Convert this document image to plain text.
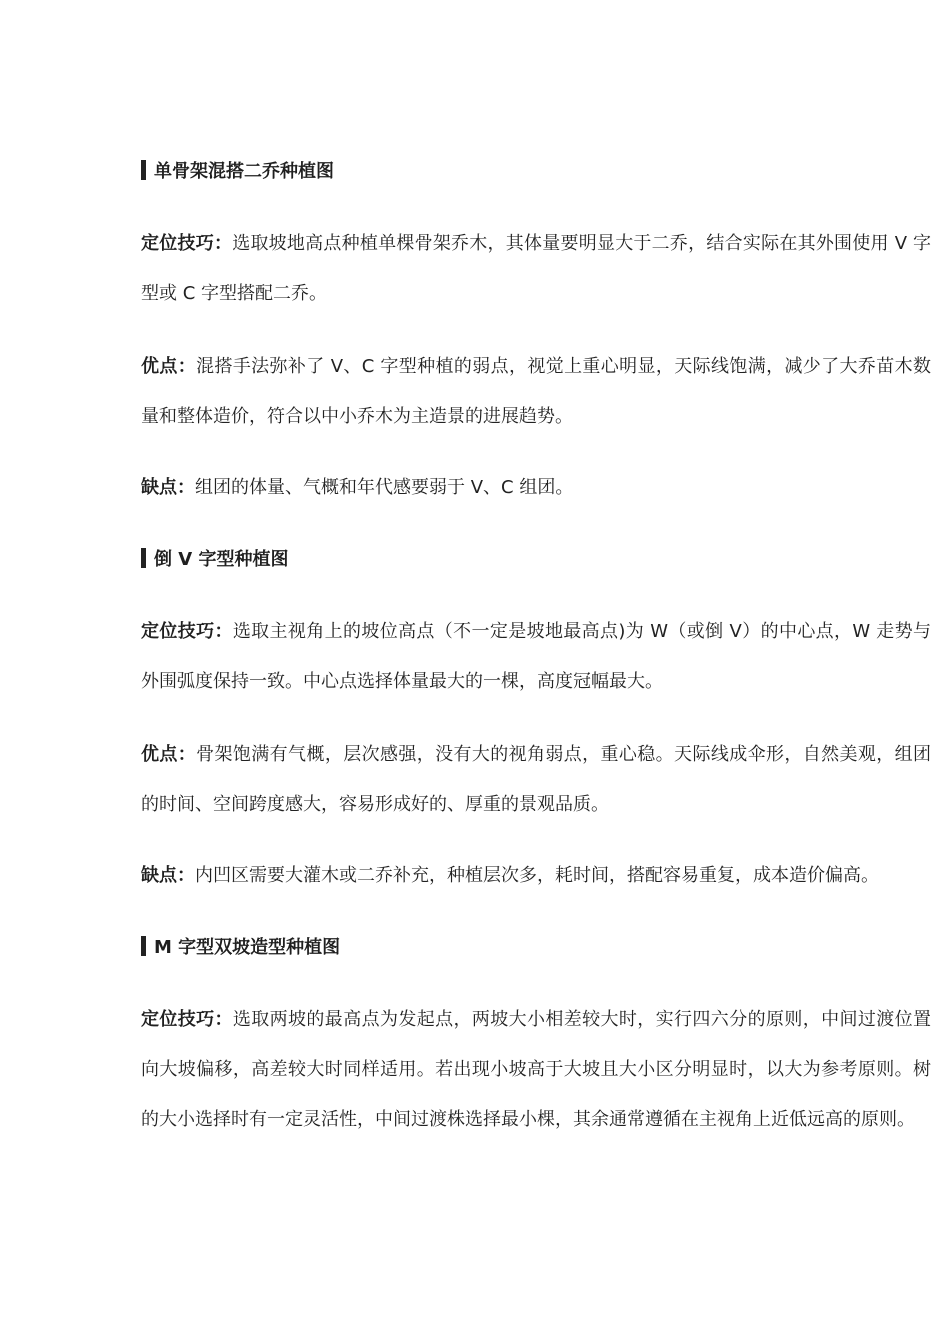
单骨架混搭二乔种植图

定位技巧：选取坡地高点种植单棵骨架乔木，其体量要明显大于二乔，结合实际在其外围使用 V 字型或 C 字型搭配二乔。

优点：混搭手法弥补了 V、C 字型种植的弱点，视觉上重心明显，天际线饱满，减少了大乔苗木数量和整体造价，符合以中小乔木为主造景的进展趋势。

缺点：组团的体量、气概和年代感要弱于 V、C 组团。

倒 V 字型种植图

定位技巧：选取主视角上的坡位高点（不一定是坡地最高点)为 W（或倒 V）的中心点，W 走势与外围弧度保持一致。中心点选择体量最大的一棵，高度冠幅最大。

优点：骨架饱满有气概，层次感强，没有大的视角弱点，重心稳。天际线成伞形，自然美观，组团的时间、空间跨度感大，容易形成好的、厚重的景观品质。

缺点：内凹区需要大灌木或二乔补充，种植层次多，耗时间，搭配容易重复，成本造价偏高。

M 字型双坡造型种植图

定位技巧：选取两坡的最高点为发起点，两坡大小相差较大时，实行四六分的原则，中间过渡位置向大坡偏移，高差较大时同样适用。若出现小坡高于大坡且大小区分明显时，以大为参考原则。树的大小选择时有一定灵活性，中间过渡株选择最小棵，其余通常遵循在主视角上近低远高的原则。
